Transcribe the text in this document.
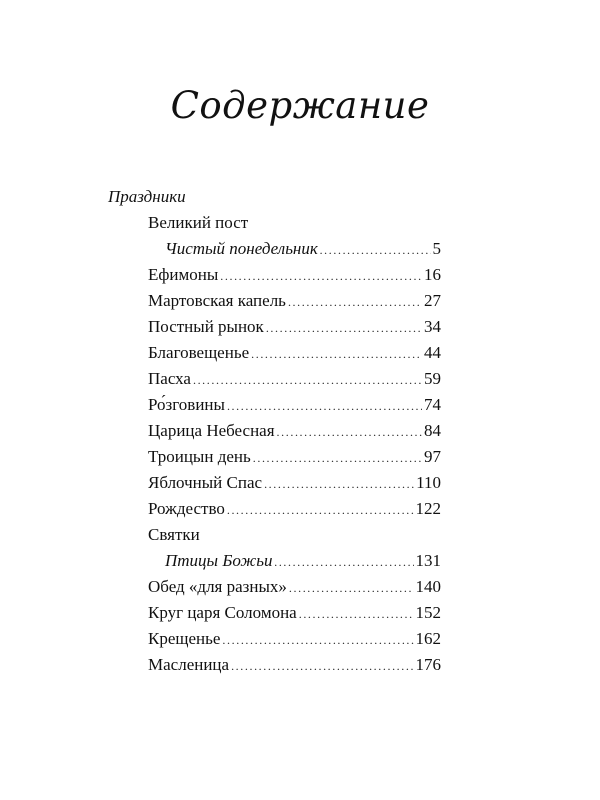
Содержание
Праздники
Великий пост
Чистый понедельник .....	5
Ефимоны .....	16
Мартовская капель .....	27
Постный рынок .....	34
Благовещенье .....	44
Пасха .....	59
Ро́зговины .....	74
Царица Небесная .....	84
Троицын день .....	97
Яблочный Спас .....	110
Рождество .....	122
Святки
Птицы Божьи .....	131
Обед «для разных» .....	140
Круг царя Соломона .....	152
Крещенье .....	162
Масленица .....	176
